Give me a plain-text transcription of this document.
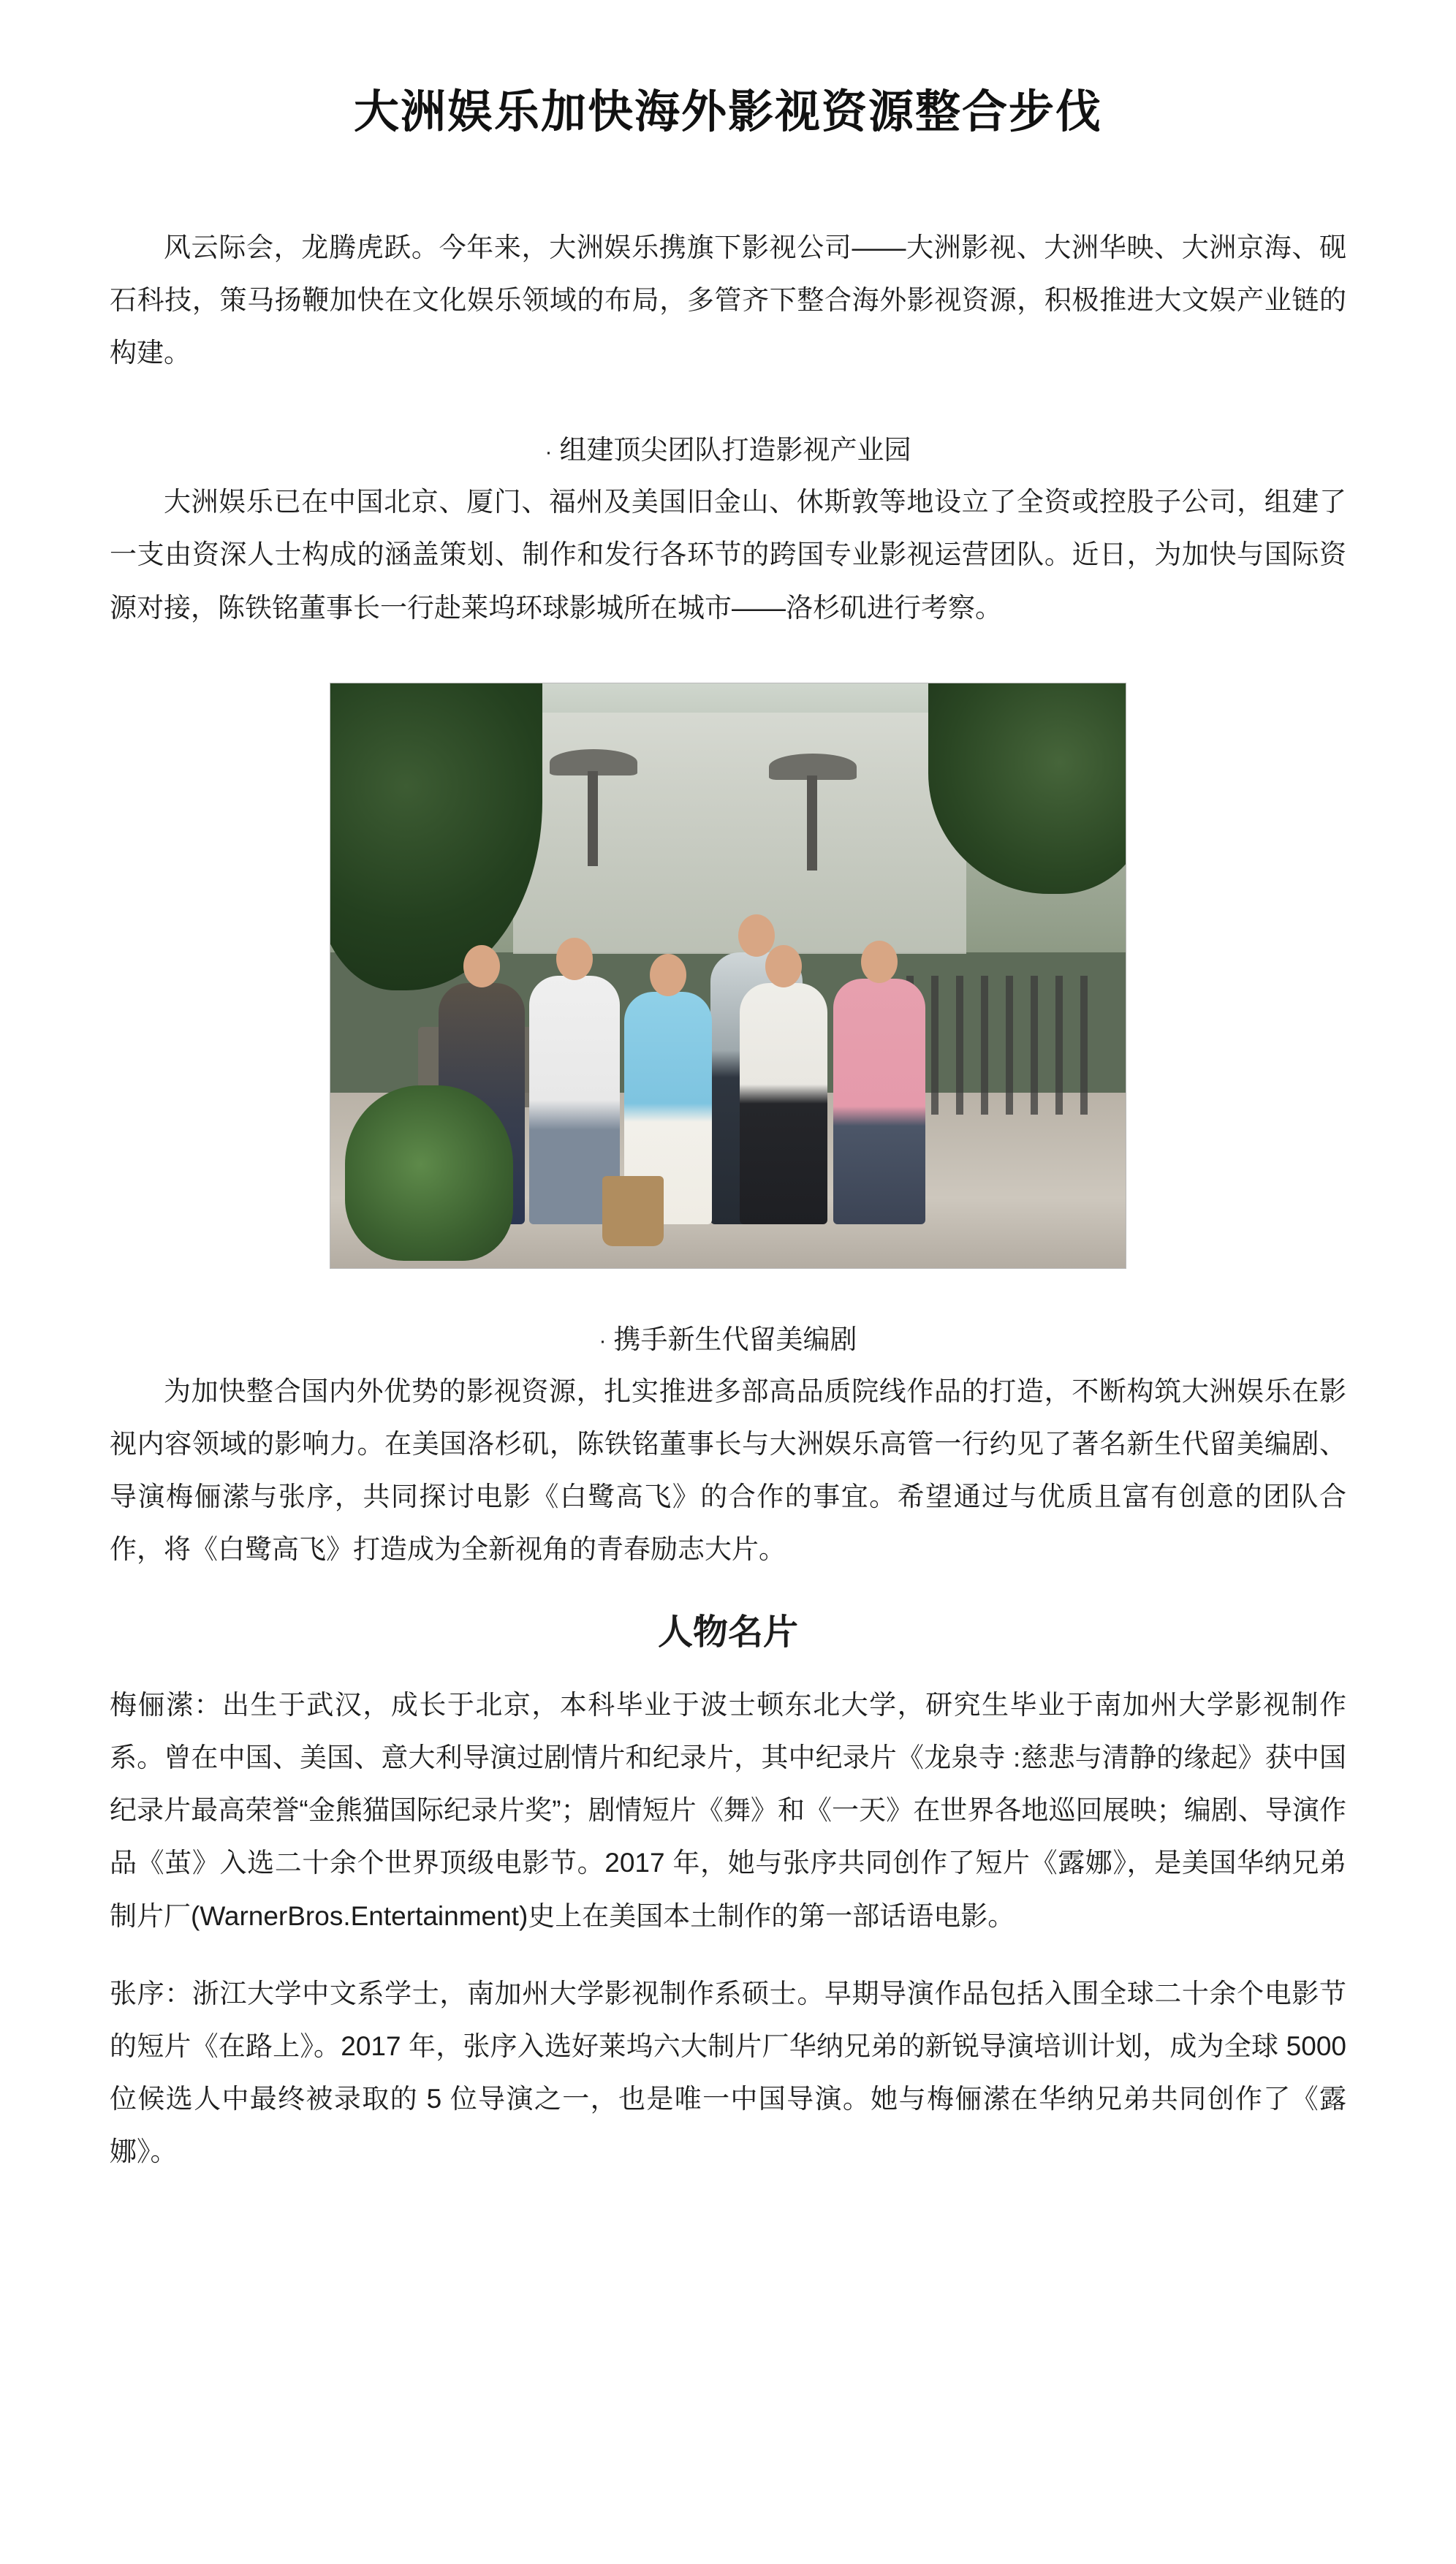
大洲娱乐加快海外影视资源整合步伐

风云际会，龙腾虎跃。今年来，大洲娱乐携旗下影视公司——大洲影视、大洲华映、大洲京海、砚石科技，策马扬鞭加快在文化娱乐领域的布局，多管齐下整合海外影视资源，积极推进大文娱产业链的构建。

· 组建顶尖团队打造影视产业园

大洲娱乐已在中国北京、厦门、福州及美国旧金山、休斯敦等地设立了全资或控股子公司，组建了一支由资深人士构成的涵盖策划、制作和发行各环节的跨国专业影视运营团队。近日，为加快与国际资源对接，陈铁铭董事长一行赴莱坞环球影城所在城市——洛杉矶进行考察。

· 携手新生代留美编剧

为加快整合国内外优势的影视资源，扎实推进多部高品质院线作品的打造，不断构筑大洲娱乐在影视内容领域的影响力。在美国洛杉矶，陈铁铭董事长与大洲娱乐高管一行约见了著名新生代留美编剧、导演梅俪潆与张序，共同探讨电影《白鹭高飞》的合作的事宜。希望通过与优质且富有创意的团队合作，将《白鹭高飞》打造成为全新视角的青春励志大片。

人物名片

梅俪潆：出生于武汉，成长于北京，本科毕业于波士顿东北大学，研究生毕业于南加州大学影视制作系。曾在中国、美国、意大利导演过剧情片和纪录片，其中纪录片《龙泉寺 :慈悲与清静的缘起》获中国纪录片最高荣誉“金熊猫国际纪录片奖”；剧情短片《舞》和《一天》在世界各地巡回展映；编剧、导演作品《茧》入选二十余个世界顶级电影节。2017 年，她与张序共同创作了短片《露娜》，是美国华纳兄弟制片厂(WarnerBros.Entertainment)史上在美国本土制作的第一部话语电影。

张序：浙江大学中文系学士，南加州大学影视制作系硕士。早期导演作品包括入围全球二十余个电影节的短片《在路上》。2017 年，张序入选好莱坞六大制片厂华纳兄弟的新锐导演培训计划，成为全球 5000 位候选人中最终被录取的 5 位导演之一，也是唯一中国导演。她与梅俪潆在华纳兄弟共同创作了《露娜》。
